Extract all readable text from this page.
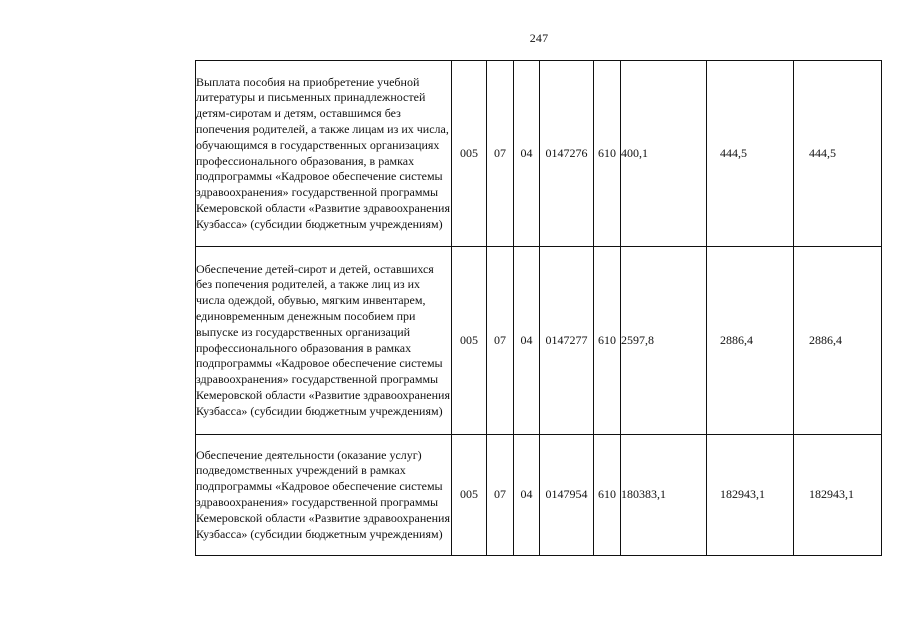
247
Выплата пособия на приобретение учебной литературы и письменных принадлежностей детям-сиротам и детям, оставшимся без попечения родителей, а также лицам из их числа, обучающимся в государственных организациях профессионального образования, в рамках подпрограммы «Кадровое обеспечение системы здравоохранения» государственной программы Кемеровской области «Развитие здравоохранения Кузбасса» (субсидии бюджетным учреждениям)	005	07	04	0147276	610	400,1	444,5	444,5
Обеспечение детей-сирот и детей, оставшихся без попечения родителей, а также лиц из их числа одеждой, обувью, мягким инвентарем, единовременным денежным пособием при выпуске из государственных организаций профессионального образования в рамках подпрограммы «Кадровое обеспечение системы здравоохранения» государственной программы Кемеровской области «Развитие здравоохранения Кузбасса» (субсидии бюджетным учреждениям)	005	07	04	0147277	610	2597,8	2886,4	2886,4
Обеспечение деятельности (оказание услуг) подведомственных учреждений в рамках подпрограммы «Кадровое обеспечение системы здравоохранения» государственной программы Кемеровской области «Развитие здравоохранения Кузбасса» (субсидии бюджетным учреждениям)	005	07	04	0147954	610	180383,1	182943,1	182943,1
